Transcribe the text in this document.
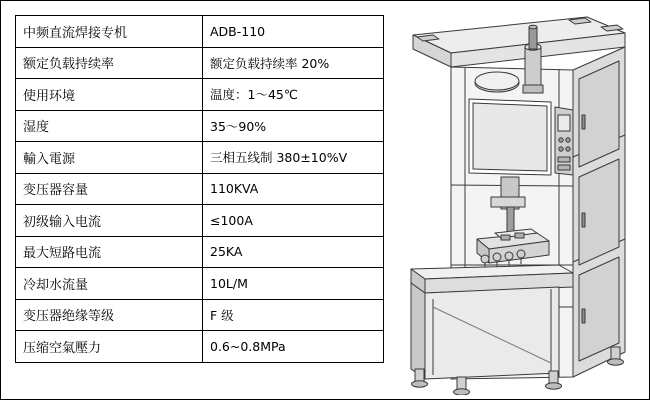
中频直流焊接专机	ADB-110
额定负载持续率	额定负载持续率 20%
使用环境	温度：1～45℃
湿度	35～90%
輸入電源	三相五线制 380±10%V
变压器容量	110KVA
初级输入电流	≤100A
最大短路电流	25KA
冷却水流量	10L/M
变压器绝缘等级	F 级
压缩空氣壓力	0.6~0.8MPa
